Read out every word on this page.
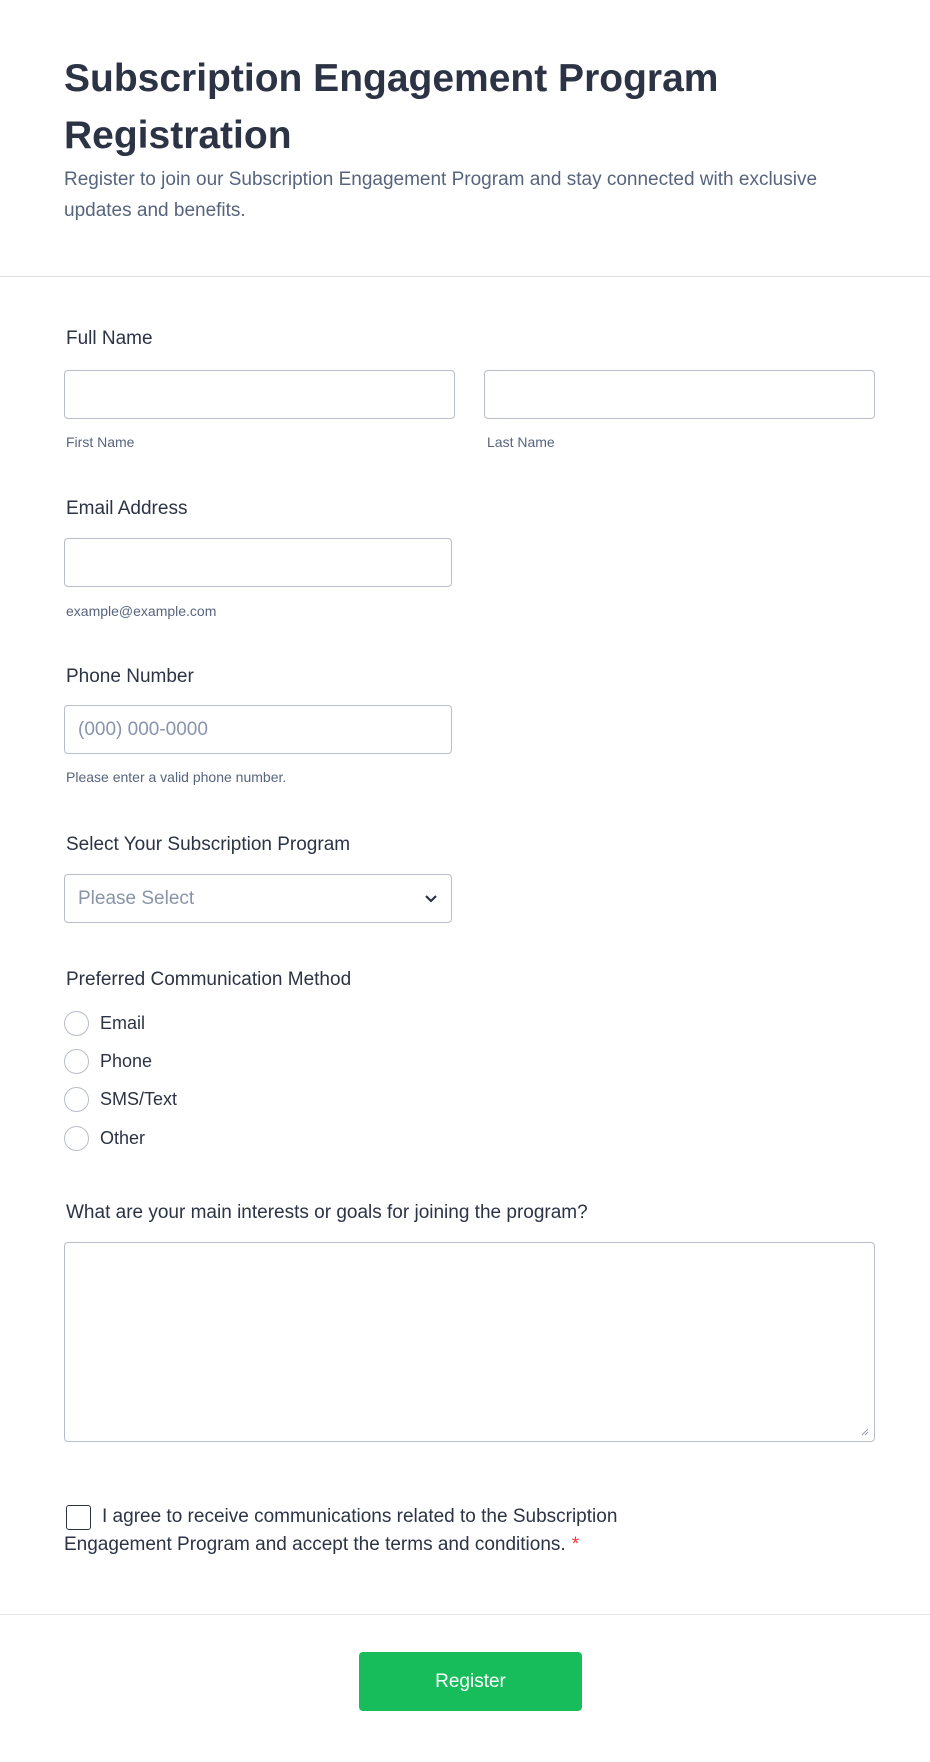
Subscription Engagement Program Registration
Register to join our Subscription Engagement Program and stay connected with exclusive updates and benefits.
Full Name
First Name	Last Name
Email Address
example@example.com
Phone Number
(000) 000-0000
Please enter a valid phone number.
Select Your Subscription Program
Please Select
Preferred Communication Method
Email
Phone
SMS/Text
Other
What are your main interests or goals for joining the program?
I agree to receive communications related to the Subscription Engagement Program and accept the terms and conditions. *
Register
